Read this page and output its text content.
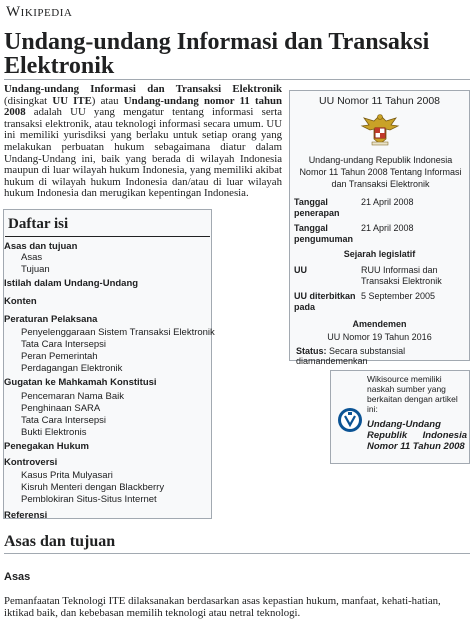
Wikipedia
Undang-undang Informasi dan Transaksi Elektronik

Undang-undang Informasi dan Transaksi Elektronik (disingkat UU ITE) atau Undang-undang nomor 11 tahun 2008 adalah UU yang mengatur tentang informasi serta transaksi elektronik, atau teknologi informasi secara umum. UU ini memiliki yurisdiksi yang berlaku untuk setiap orang yang melakukan perbuatan hukum sebagaimana diatur dalam Undang-Undang ini, baik yang berada di wilayah Indonesia maupun di luar wilayah hukum Indonesia, yang memiliki akibat hukum di wilayah hukum Indonesia dan/atau di luar wilayah hukum Indonesia dan merugikan kepentingan Indonesia.

UU Nomor 11 Tahun 2008
Undang-undang Republik Indonesia Nomor 11 Tahun 2008 Tentang Informasi dan Transaksi Elektronik
Tanggal penerapan
21 April 2008
Tanggal pengumuman
21 April 2008
Sejarah legislatif
UU	RUU Informasi dan Transaksi Elektronik
UU diterbitkan pada
5 September 2005
Amendemen
UU Nomor 19 Tahun 2016
Status: Secara substansial diamandemenkan
Wikisource memiliki naskah sumber yang berkaitan dengan artikel ini:
Undang-Undang Republik Indonesia Nomor 11 Tahun 2008
Daftar isi
Asas dan tujuan
Asas
Tujuan
Istilah dalam Undang-Undang
Konten
Peraturan Pelaksana
Penyelenggaraan Sistem Transaksi Elektronik
Tata Cara Intersepsi
Peran Pemerintah
Perdagangan Elektronik
Gugatan ke Mahkamah Konstitusi
Pencemaran Nama Baik
Penghinaan SARA
Tata Cara Intersepsi
Bukti Elektronis
Penegakan Hukum
Kontroversi
Kasus Prita Mulyasari
Kisruh Menteri dengan Blackberry
Pemblokiran Situs-Situs Internet
Referensi
Asas dan tujuan
Asas

Pemanfaatan Teknologi ITE dilaksanakan berdasarkan asas kepastian hukum, manfaat, kehati-hatian, iktikad baik, dan kebebasan memilih teknologi atau netral teknologi.
